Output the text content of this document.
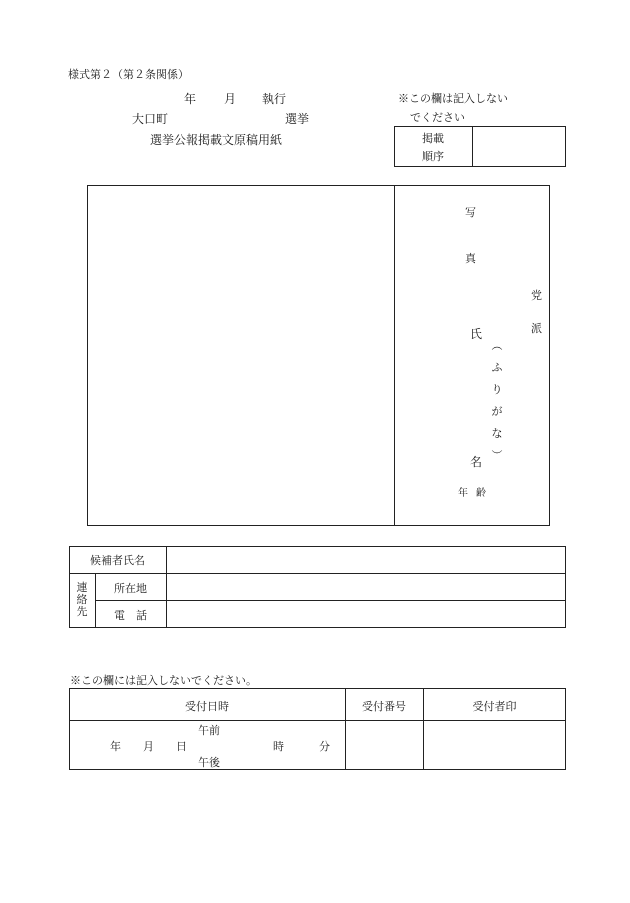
様式第２（第２条関係）
年 月 執行
大口町	選挙
選挙公報掲載文原稿用紙
※この欄は記入しない
でください
掲載
順序
写
真
党
派
氏
︵
ふ
り
が
な
︶
名
年 齢
候補者氏名
連
絡
先
所在地
電　話
※この欄には記入しないでください。
受付日時	受付番号	受付者印
午前
年 月 日	時	分
午後
